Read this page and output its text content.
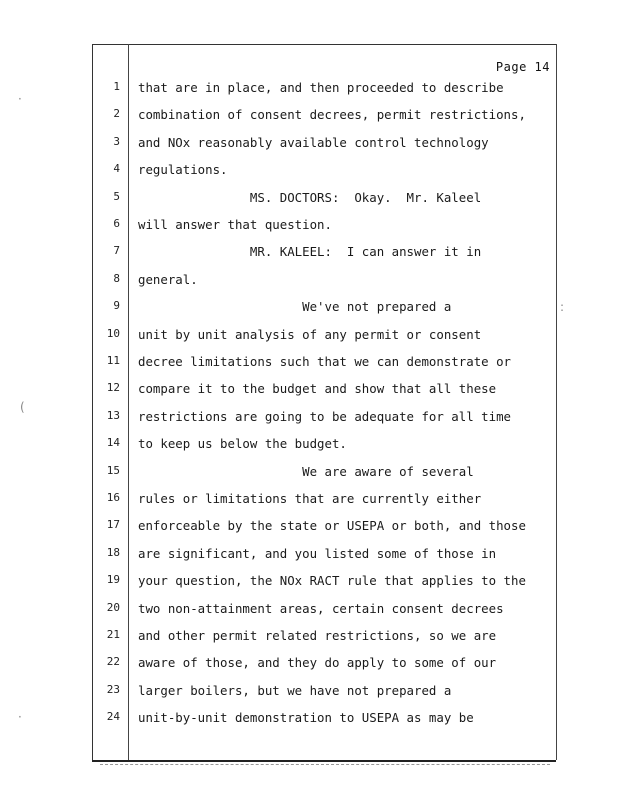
·
(
·
:
Page 14
1 that are in place, and then proceeded to describe
2 combination of consent decrees, permit restrictions,
3 and NOx reasonably available control technology
4 regulations.
5 MS. DOCTORS:  Okay.  Mr. Kaleel
6 will answer that question.
7 MR. KALEEL:  I can answer it in
8 general.
9 We've not prepared a
10 unit by unit analysis of any permit or consent
11 decree limitations such that we can demonstrate or
12 compare it to the budget and show that all these
13 restrictions are going to be adequate for all time
14 to keep us below the budget.
15 We are aware of several
16 rules or limitations that are currently either
17 enforceable by the state or USEPA or both, and those
18 are significant, and you listed some of those in
19 your question, the NOx RACT rule that applies to the
20 two non-attainment areas, certain consent decrees
21 and other permit related restrictions, so we are
22 aware of those, and they do apply to some of our
23 larger boilers, but we have not prepared a
24 unit-by-unit demonstration to USEPA as may be
